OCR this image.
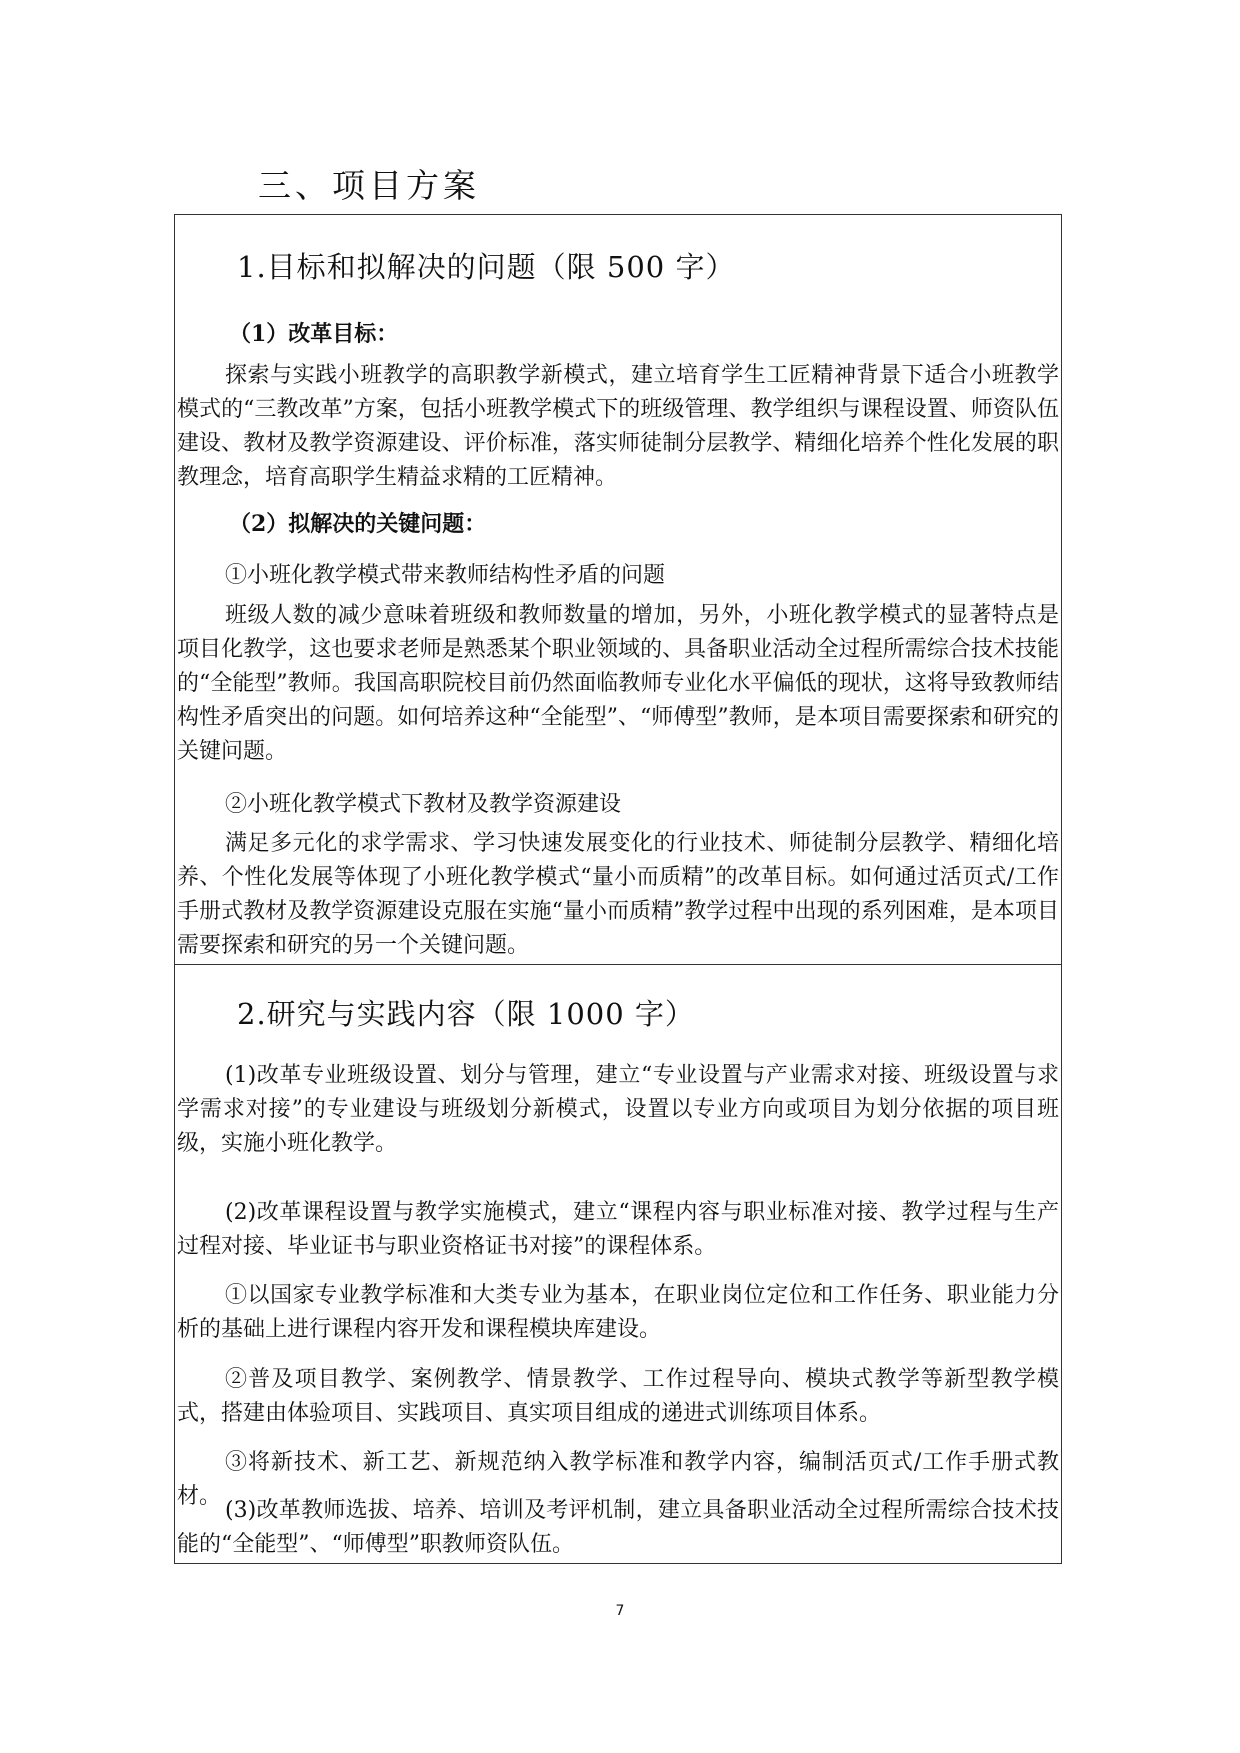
三、项目方案
1.目标和拟解决的问题（限 500 字）

（1）改革目标：

探索与实践小班教学的高职教学新模式，建立培育学生工匠精神背景下适合小班教学模式的“三教改革”方案，包括小班教学模式下的班级管理、教学组织与课程设置、师资队伍建设、教材及教学资源建设、评价标准，落实师徒制分层教学、精细化培养个性化发展的职教理念，培育高职学生精益求精的工匠精神。

（2）拟解决的关键问题：

①小班化教学模式带来教师结构性矛盾的问题

班级人数的减少意味着班级和教师数量的增加，另外，小班化教学模式的显著特点是项目化教学，这也要求老师是熟悉某个职业领域的、具备职业活动全过程所需综合技术技能的“全能型”教师。我国高职院校目前仍然面临教师专业化水平偏低的现状，这将导致教师结构性矛盾突出的问题。如何培养这种“全能型”、“师傅型”教师，是本项目需要探索和研究的关键问题。

②小班化教学模式下教材及教学资源建设

满足多元化的求学需求、学习快速发展变化的行业技术、师徒制分层教学、精细化培养、个性化发展等体现了小班化教学模式“量小而质精”的改革目标。如何通过活页式/工作手册式教材及教学资源建设克服在实施“量小而质精”教学过程中出现的系列困难，是本项目需要探索和研究的另一个关键问题。

2.研究与实践内容（限 1000 字）

(1)改革专业班级设置、划分与管理，建立“专业设置与产业需求对接、班级设置与求学需求对接”的专业建设与班级划分新模式，设置以专业方向或项目为划分依据的项目班级，实施小班化教学。

(2)改革课程设置与教学实施模式，建立“课程内容与职业标准对接、教学过程与生产过程对接、毕业证书与职业资格证书对接”的课程体系。

①以国家专业教学标准和大类专业为基本，在职业岗位定位和工作任务、职业能力分析的基础上进行课程内容开发和课程模块库建设。

②普及项目教学、案例教学、情景教学、工作过程导向、模块式教学等新型教学模式，搭建由体验项目、实践项目、真实项目组成的递进式训练项目体系。

③将新技术、新工艺、新规范纳入教学标准和教学内容，编制活页式/工作手册式教材。

(3)改革教师选拔、培养、培训及考评机制，建立具备职业活动全过程所需综合技术技能的“全能型”、“师傅型”职教师资队伍。

7
